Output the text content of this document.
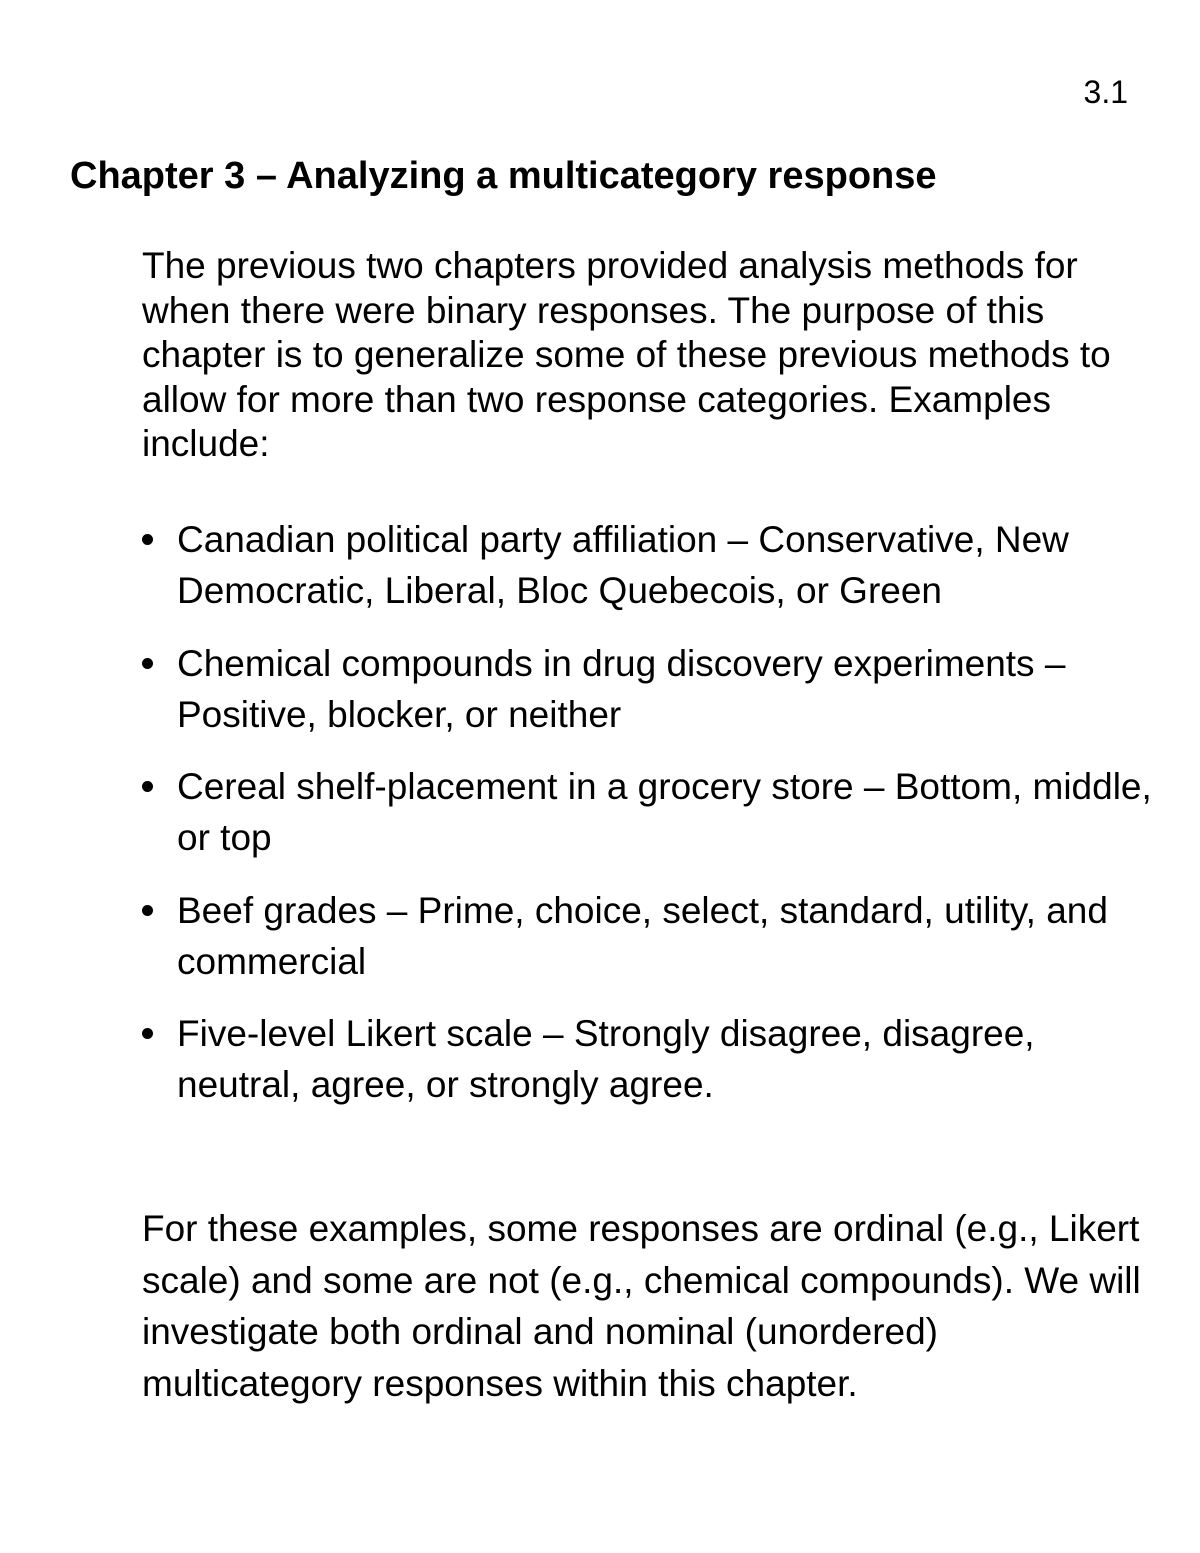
3.1
Chapter 3 – Analyzing a multicategory response

The previous two chapters provided analysis methods for when there were binary responses. The purpose of this chapter is to generalize some of these previous methods to allow for more than two response categories. Examples include:

Canadian political party affiliation – Conservative, New Democratic, Liberal, Bloc Quebecois, or Green
Chemical compounds in drug discovery experiments – Positive, blocker, or neither
Cereal shelf-placement in a grocery store – Bottom, middle, or top
Beef grades – Prime, choice, select, standard, utility, and commercial
Five-level Likert scale – Strongly disagree, disagree, neutral, agree, or strongly agree.

For these examples, some responses are ordinal (e.g., Likert scale) and some are not (e.g., chemical compounds). We will investigate both ordinal and nominal (unordered) multicategory responses within this chapter.
